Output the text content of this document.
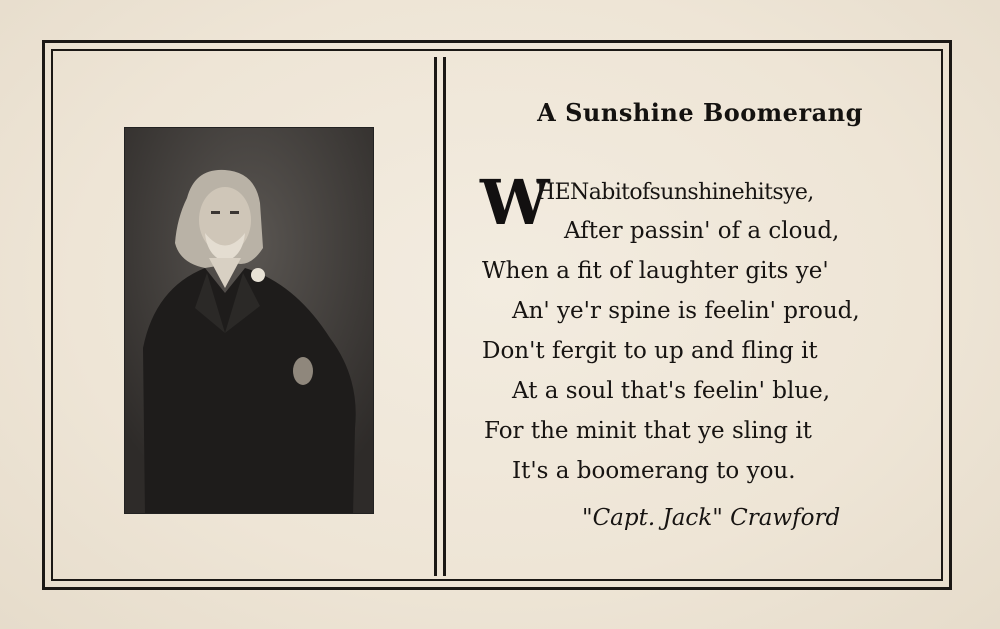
A Sunshine Boomerang
W
HENabitofsunshinehitsye,
After passin' of a cloud,
When a fit of laughter gits ye'
An' ye'r spine is feelin' proud,
Don't fergit to up and fling it
At a soul that's feelin' blue,
For the minit that ye sling it
It's a boomerang to you.
"Capt. Jack" Crawford
